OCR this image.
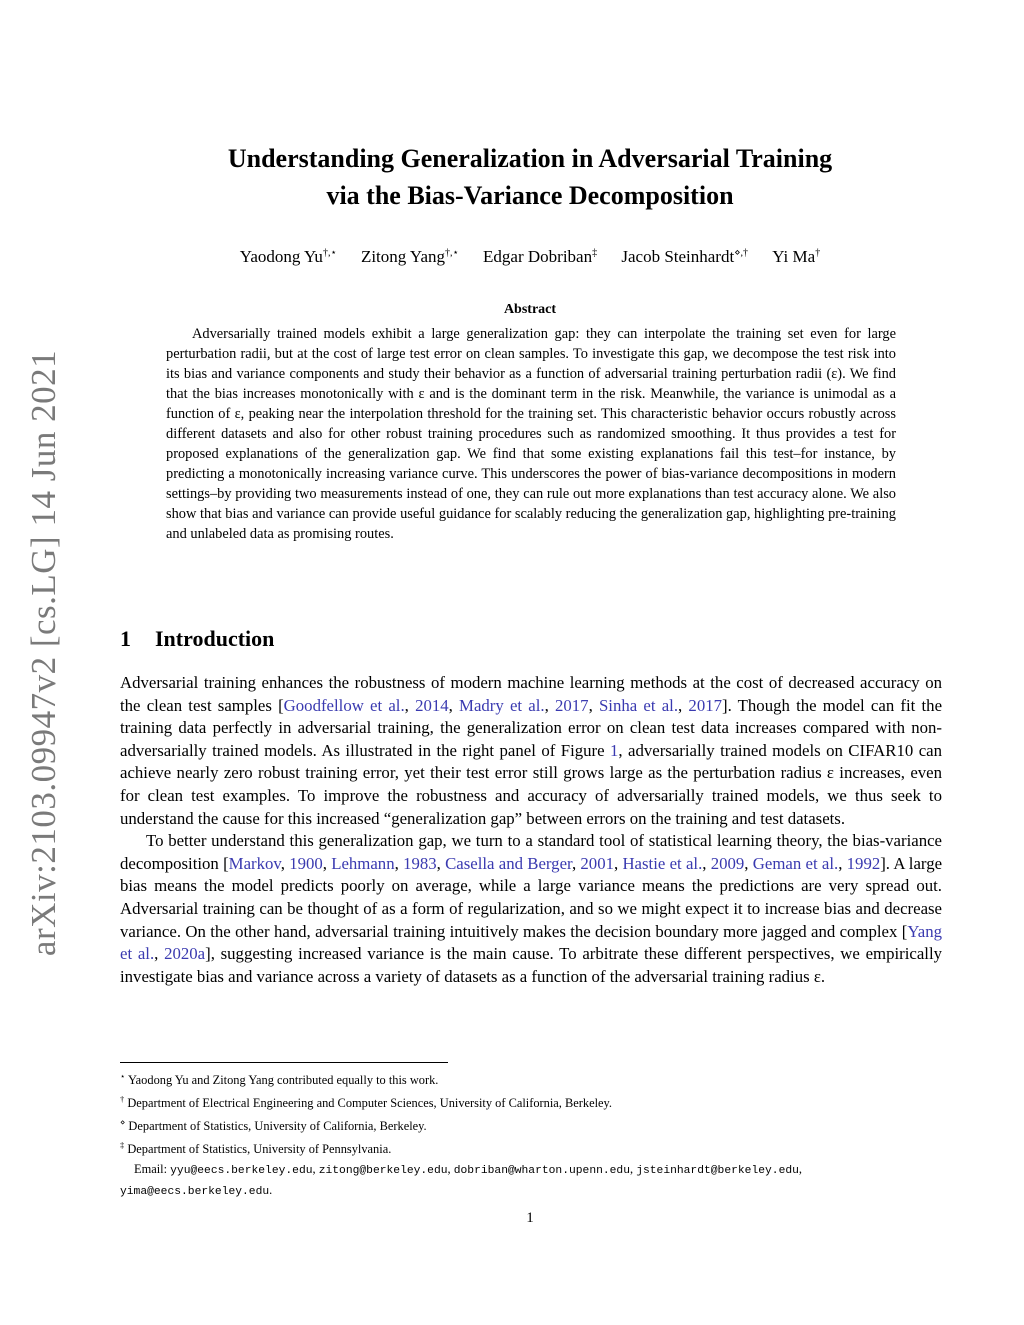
arXiv:2103.09947v2 [cs.LG] 14 Jun 2021
Understanding Generalization in Adversarial Training
via the Bias-Variance Decomposition
Yaodong Yu†,⋆ Zitong Yang†,⋆ Edgar Dobriban‡ Jacob Steinhardt⋄,† Yi Ma†
Abstract

Adversarially trained models exhibit a large generalization gap: they can interpolate the training set even for large perturbation radii, but at the cost of large test error on clean samples. To investigate this gap, we decompose the test risk into its bias and variance components and study their behavior as a function of adversarial training perturbation radii (ε). We find that the bias increases monotonically with ε and is the dominant term in the risk. Meanwhile, the variance is unimodal as a function of ε, peaking near the interpolation threshold for the training set. This characteristic behavior occurs robustly across different datasets and also for other robust training procedures such as randomized smoothing. It thus provides a test for proposed explanations of the generalization gap. We find that some existing explanations fail this test–for instance, by predicting a monotonically increasing variance curve. This underscores the power of bias-variance decompositions in modern settings–by providing two measurements instead of one, they can rule out more explanations than test accuracy alone. We also show that bias and variance can provide useful guidance for scalably reducing the generalization gap, highlighting pre-training and unlabeled data as promising routes.

1 Introduction

Adversarial training enhances the robustness of modern machine learning methods at the cost of decreased accuracy on the clean test samples [Goodfellow et al., 2014, Madry et al., 2017, Sinha et al., 2017]. Though the model can fit the training data perfectly in adversarial training, the generalization error on clean test data increases compared with non-adversarially trained models. As illustrated in the right panel of Figure 1, adversarially trained models on CIFAR10 can achieve nearly zero robust training error, yet their test error still grows large as the perturbation radius ε increases, even for clean test examples. To improve the robustness and accuracy of adversarially trained models, we thus seek to understand the cause for this increased “generalization gap” between errors on the training and test datasets.

To better understand this generalization gap, we turn to a standard tool of statistical learning theory, the bias-variance decomposition [Markov, 1900, Lehmann, 1983, Casella and Berger, 2001, Hastie et al., 2009, Geman et al., 1992]. A large bias means the model predicts poorly on average, while a large variance means the predictions are very spread out. Adversarial training can be thought of as a form of regularization, and so we might expect it to increase bias and decrease variance. On the other hand, adversarial training intuitively makes the decision boundary more jagged and complex [Yang et al., 2020a], suggesting increased variance is the main cause. To arbitrate these different perspectives, we empirically investigate bias and variance across a variety of datasets as a function of the adversarial training radius ε.

⋆ Yaodong Yu and Zitong Yang contributed equally to this work.
† Department of Electrical Engineering and Computer Sciences, University of California, Berkeley.
⋄ Department of Statistics, University of California, Berkeley.
‡ Department of Statistics, University of Pennsylvania.
Email: yyu@eecs.berkeley.edu, zitong@berkeley.edu, dobriban@wharton.upenn.edu, jsteinhardt@berkeley.edu,
yima@eecs.berkeley.edu.
1
